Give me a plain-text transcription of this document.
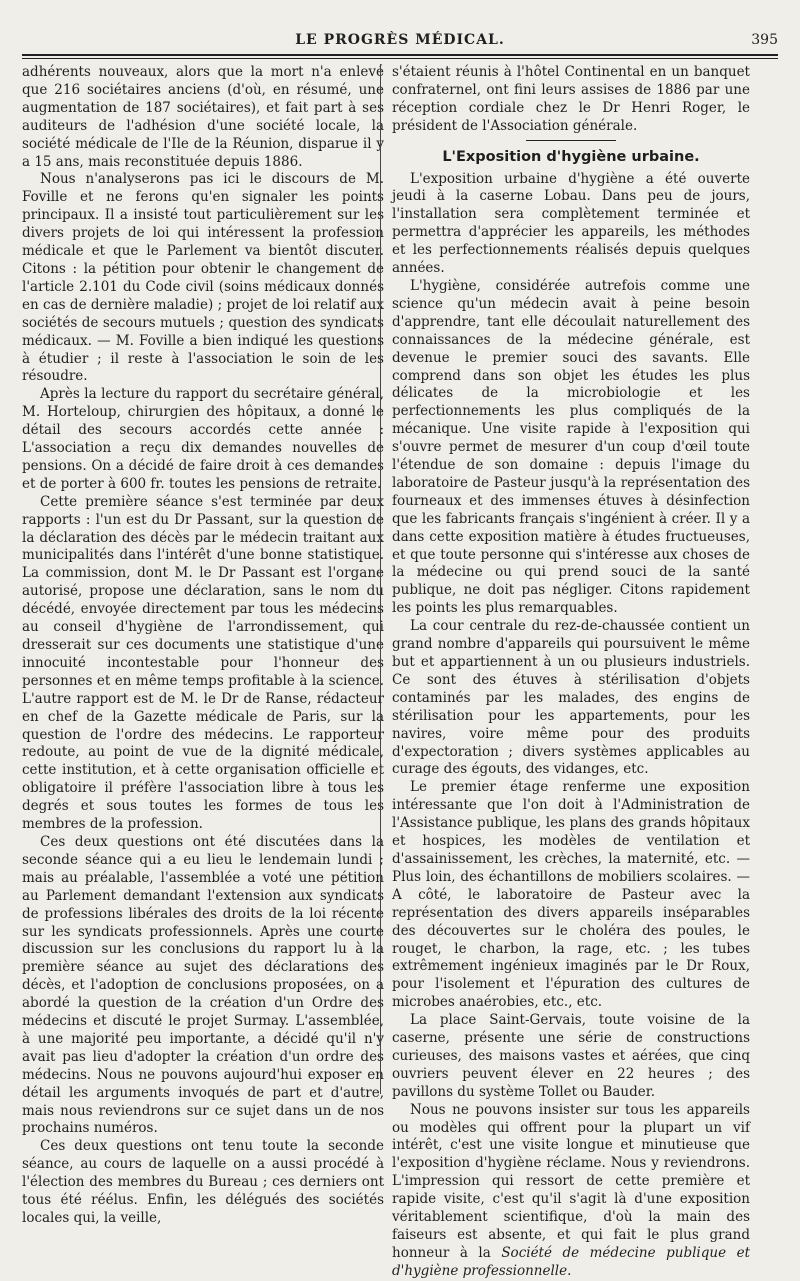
LE PROGRÈS MÉDICAL.	395

adhérents nouveaux, alors que la mort n'a enlevé que 216 sociétaires anciens (d'où, en résumé, une augmentation de 187 sociétaires), et fait part à ses auditeurs de l'adhésion d'une société locale, la société médicale de l'Ile de la Réunion, disparue il y a 15 ans, mais reconstituée depuis 1886.

Nous n'analyserons pas ici le discours de M. Foville et ne ferons qu'en signaler les points principaux. Il a insisté tout particulièrement sur les divers projets de loi qui intéressent la profession médicale et que le Parlement va bientôt discuter. Citons : la pétition pour obtenir le changement de l'article 2.101 du Code civil (soins médicaux donnés en cas de dernière maladie) ; projet de loi relatif aux sociétés de secours mutuels ; question des syndicats médicaux. — M. Foville a bien indiqué les questions à étudier ; il reste à l'association le soin de les résoudre.

Après la lecture du rapport du secrétaire général, M. Horteloup, chirurgien des hôpitaux, a donné le détail des secours accordés cette année : L'association a reçu dix demandes nouvelles de pensions. On a décidé de faire droit à ces demandes et de porter à 600 fr. toutes les pensions de retraite.

Cette première séance s'est terminée par deux rapports : l'un est du Dr Passant, sur la question de la déclaration des décès par le médecin traitant aux municipalités dans l'intérêt d'une bonne statistique. La commission, dont M. le Dr Passant est l'organe autorisé, propose une déclaration, sans le nom du décédé, envoyée directement par tous les médecins au conseil d'hygiène de l'arrondissement, qui dresserait sur ces documents une statistique d'une innocuité incontestable pour l'honneur des personnes et en même temps profitable à la science. L'autre rapport est de M. le Dr de Ranse, rédacteur en chef de la Gazette médicale de Paris, sur la question de l'ordre des médecins. Le rapporteur redoute, au point de vue de la dignité médicale, cette institution, et à cette organisation officielle et obligatoire il préfère l'association libre à tous les degrés et sous toutes les formes de tous les membres de la profession.

Ces deux questions ont été discutées dans la seconde séance qui a eu lieu le lendemain lundi ; mais au préalable, l'assemblée a voté une pétition au Parlement demandant l'extension aux syndicats de professions libérales des droits de la loi récente sur les syndicats professionnels. Après une courte discussion sur les conclusions du rapport lu à la première séance au sujet des déclarations des décès, et l'adoption de conclusions proposées, on a abordé la question de la création d'un Ordre des médecins et discuté le projet Surmay. L'assemblée, à une majorité peu importante, a décidé qu'il n'y avait pas lieu d'adopter la création d'un ordre des médecins. Nous ne pouvons aujourd'hui exposer en détail les arguments invoqués de part et d'autre, mais nous reviendrons sur ce sujet dans un de nos prochains numéros.

Ces deux questions ont tenu toute la seconde séance, au cours de laquelle on a aussi procédé à l'élection des membres du Bureau ; ces derniers ont tous été réélus. Enfin, les délégués des sociétés locales qui, la veille,

s'étaient réunis à l'hôtel Continental en un banquet confraternel, ont fini leurs assises de 1886 par une réception cordiale chez le Dr Henri Roger, le président de l'Association générale.

L'Exposition d'hygiène urbaine.

L'exposition urbaine d'hygiène a été ouverte jeudi à la caserne Lobau. Dans peu de jours, l'installation sera complètement terminée et permettra d'apprécier les appareils, les méthodes et les perfectionnements réalisés depuis quelques années.

L'hygiène, considérée autrefois comme une science qu'un médecin avait à peine besoin d'apprendre, tant elle découlait naturellement des connaissances de la médecine générale, est devenue le premier souci des savants. Elle comprend dans son objet les études les plus délicates de la microbiologie et les perfectionnements les plus compliqués de la mécanique. Une visite rapide à l'exposition qui s'ouvre permet de mesurer d'un coup d'œil toute l'étendue de son domaine : depuis l'image du laboratoire de Pasteur jusqu'à la représentation des fourneaux et des immenses étuves à désinfection que les fabricants français s'ingénient à créer. Il y a dans cette exposition matière à études fructueuses, et que toute personne qui s'intéresse aux choses de la médecine ou qui prend souci de la santé publique, ne doit pas négliger. Citons rapidement les points les plus remarquables.

La cour centrale du rez-de-chaussée contient un grand nombre d'appareils qui poursuivent le même but et appartiennent à un ou plusieurs industriels. Ce sont des étuves à stérilisation d'objets contaminés par les malades, des engins de stérilisation pour les appartements, pour les navires, voire même pour des produits d'expectoration ; divers systèmes applicables au curage des égouts, des vidanges, etc.

Le premier étage renferme une exposition intéressante que l'on doit à l'Administration de l'Assistance publique, les plans des grands hôpitaux et hospices, les modèles de ventilation et d'assainissement, les crèches, la maternité, etc. — Plus loin, des échantillons de mobiliers scolaires. — A côté, le laboratoire de Pasteur avec la représentation des divers appareils inséparables des découvertes sur le choléra des poules, le rouget, le charbon, la rage, etc. ; les tubes extrêmement ingénieux imaginés par le Dr Roux, pour l'isolement et l'épuration des cultures de microbes anaérobies, etc., etc.

La place Saint-Gervais, toute voisine de la caserne, présente une série de constructions curieuses, des maisons vastes et aérées, que cinq ouvriers peuvent élever en 22 heures ; des pavillons du système Tollet ou Bauder.

Nous ne pouvons insister sur tous les appareils ou modèles qui offrent pour la plupart un vif intérêt, c'est une visite longue et minutieuse que l'exposition d'hygiène réclame. Nous y reviendrons. L'impression qui ressort de cette première et rapide visite, c'est qu'il s'agit là d'une exposition véritablement scientifique, d'où la main des faiseurs est absente, et qui fait le plus grand honneur à la Société de médecine publique et d'hygiène professionnelle.
